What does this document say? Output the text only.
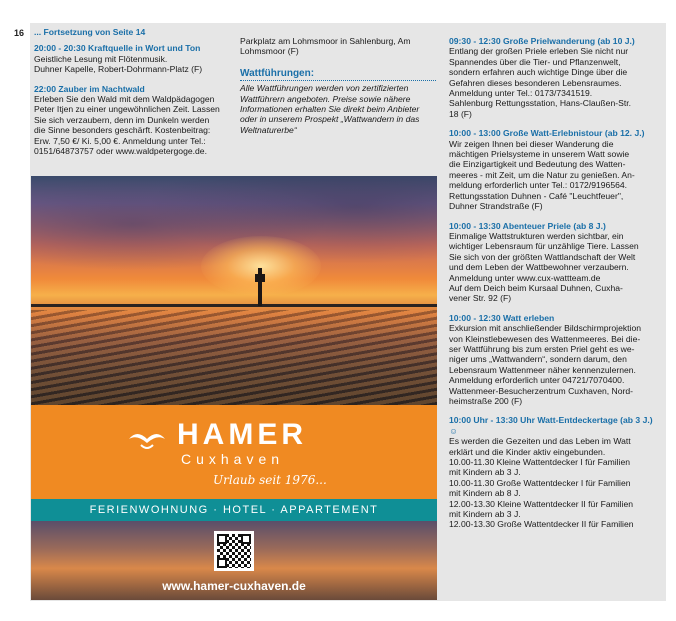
16 ... Fortsetzung von Seite 14
20:00 - 20:30 Kraftquelle in Wort und Ton
Geistliche Lesung mit Flötenmusik.
Duhner Kapelle, Robert-Dohrmann-Platz (F)
22:00 Zauber im Nachtwald
Erleben Sie den Wald mit dem Waldpädagogen
Peter Itjen zu einer ungewöhnlichen Zeit. Lassen
Sie sich verzaubern, denn im Dunkeln werden
die Sinne besonders geschärft. Kostenbeitrag:
Erw. 7,50 €/ Ki. 5,00 €. Anmeldung unter Tel.:
0151/64873757 oder www.waldpetergoge.de.
Parkplatz am Lohmsmoor in Sahlenburg, Am
Lohmsmoor (F)
Wattführungen:
Alle Wattführungen werden von zertifizierten
Wattführern angeboten. Preise sowie nähere
Informationen erhalten Sie direkt beim Anbieter
oder in unserem Prospekt „Wattwandern in das
Weltnaturerbe“
09:30 - 12:30 Große Prielwanderung (ab 10 J.)
Entlang der großen Priele erleben Sie nicht nur
Spannendes über die Tier- und Pflanzenwelt,
sondern erfahren auch wichtige Dinge über die
Gefahren dieses besonderen Lebensraumes.
Anmeldung unter Tel.: 0173/7341519.
Sahlenburg Rettungsstation, Hans-Claußen-Str.
18 (F)
10:00 - 13:00 Große Watt-Erlebnistour (ab 12. J.)
Wir zeigen Ihnen bei dieser Wanderung die
mächtigen Prielsysteme in unserem Watt sowie
die Einzigartigkeit und Bedeutung des Watten-
meeres - mit Zeit, um die Natur zu genießen. An-
meldung erforderlich unter Tel.: 0172/9196564.
Rettungsstation Duhnen - Café "Leuchtfeuer",
Duhner Strandstraße (F)
10:00 - 13:30 Abenteuer Priele (ab 8 J.)
Einmalige Wattstrukturen werden sichtbar, ein
wichtiger Lebensraum für unzählige Tiere. Lassen
Sie sich von der größten Wattlandschaft der Welt
und dem Leben der Wattbewohner verzaubern.
Anmeldung unter www.cux-wattteam.de
Auf dem Deich beim Kursaal Duhnen, Cuxha-
vener Str. 92 (F)
10:00 - 12:30 Watt erleben
Exkursion mit anschließender Bildschirmprojektion
von Kleinstlebewesen des Wattenmeeres. Bei die-
ser Wattführung bis zum ersten Priel geht es we-
niger ums „Wattwandern“, sondern darum, den
Lebensraum Wattenmeer näher kennenzulernen.
Anmeldung erforderlich unter 04721/7070400.
Wattenmeer-Besucherzentrum Cuxhaven, Nord-
heimstraße 200 (F)
10:00 Uhr - 13:30 Uhr Watt-Entdeckertage (ab 3 J.) ☺
Es werden die Gezeiten und das Leben im Watt
erklärt und die Kinder aktiv eingebunden.
10.00-11.30 Kleine Wattentdecker I für Familien
mit Kindern ab 3 J.
10.00-11.30 Große Wattentdecker I für Familien
mit Kindern ab 8 J.
12.00-13.30 Kleine Wattentdecker II für Familien
mit Kindern ab 3 J.
12.00-13.30 Große Wattentdecker II für Familien
HAMER
Cuxhaven
Urlaub seit 1976...
FERIENWOHNUNG · HOTEL · APPARTEMENT
www.hamer-cuxhaven.de
